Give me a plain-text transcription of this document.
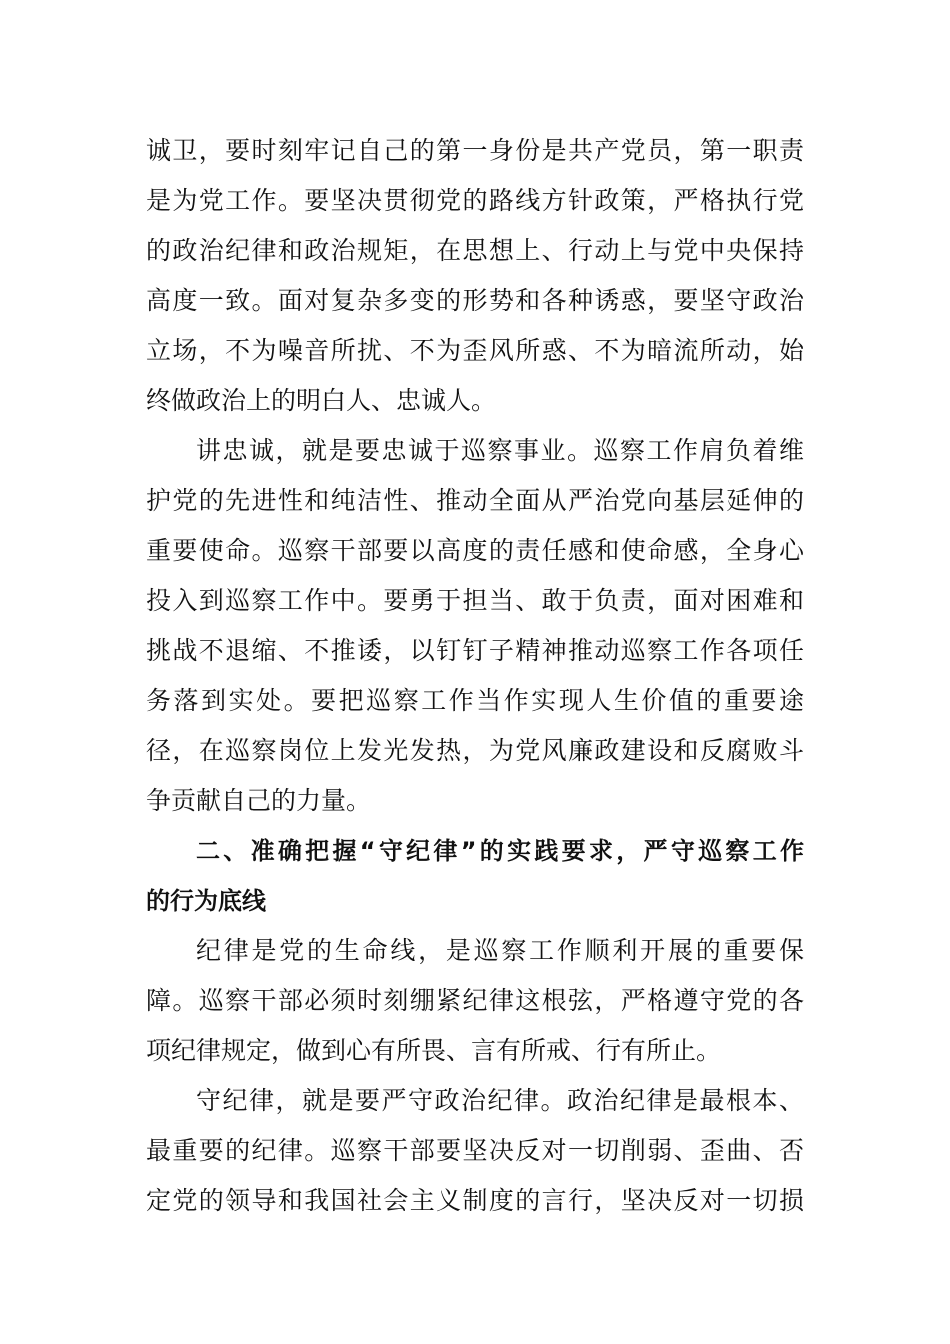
诚卫，要时刻牢记自己的第一身份是共产党员，第一职责
是为党工作。要坚决贯彻党的路线方针政策，严格执行党
的政治纪律和政治规矩，在思想上、行动上与党中央保持
高度一致。面对复杂多变的形势和各种诱惑，要坚守政治
立场，不为噪音所扰、不为歪风所惑、不为暗流所动，始
终做政治上的明白人、忠诚人。
讲忠诚，就是要忠诚于巡察事业。巡察工作肩负着维
护党的先进性和纯洁性、推动全面从严治党向基层延伸的
重要使命。巡察干部要以高度的责任感和使命感，全身心
投入到巡察工作中。要勇于担当、敢于负责，面对困难和
挑战不退缩、不推诿，以钉钉子精神推动巡察工作各项任
务落到实处。要把巡察工作当作实现人生价值的重要途
径，在巡察岗位上发光发热，为党风廉政建设和反腐败斗
争贡献自己的力量。
二、准确把握“守纪律”的实践要求，严守巡察工作
的行为底线
纪律是党的生命线，是巡察工作顺利开展的重要保
障。巡察干部必须时刻绷紧纪律这根弦，严格遵守党的各
项纪律规定，做到心有所畏、言有所戒、行有所止。
守纪律，就是要严守政治纪律。政治纪律是最根本、
最重要的纪律。巡察干部要坚决反对一切削弱、歪曲、否
定党的领导和我国社会主义制度的言行，坚决反对一切损
